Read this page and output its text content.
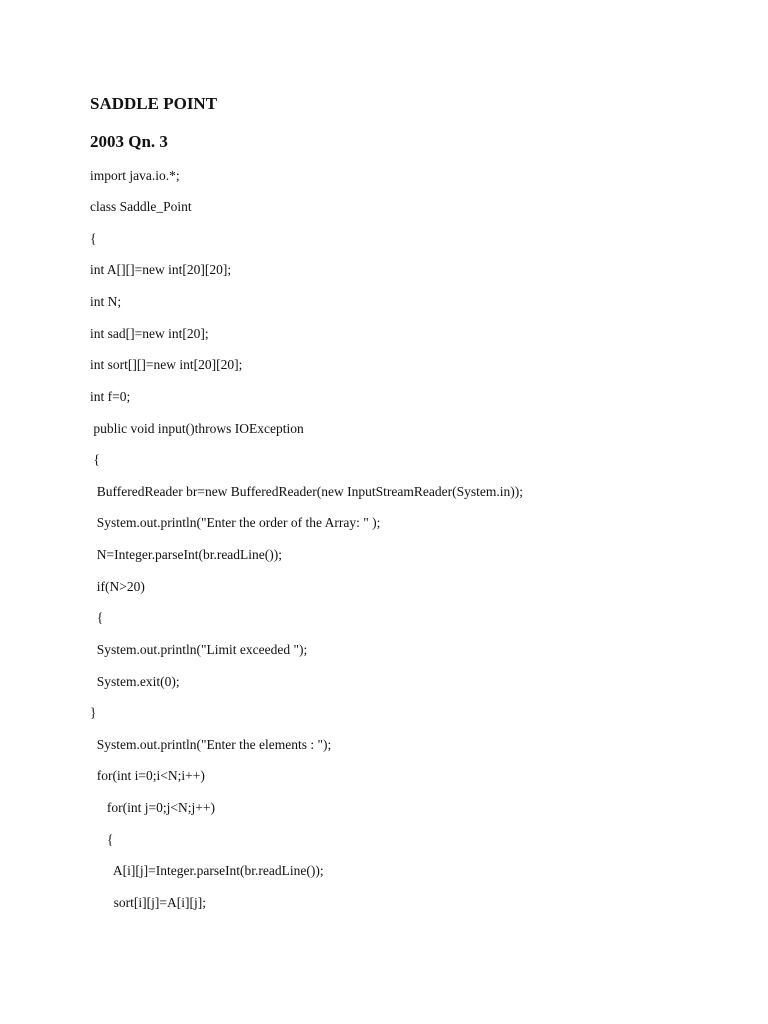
SADDLE POINT
2003 Qn. 3

import java.io.*;

class Saddle_Point

{

int A[][]=new int[20][20];

int N;

int sad[]=new int[20];

int sort[][]=new int[20][20];

int f=0;

public void input()throws IOException

{

BufferedReader br=new BufferedReader(new InputStreamReader(System.in));

System.out.println("Enter the order of the Array: " );

N=Integer.parseInt(br.readLine());

if(N>20)

{

System.out.println("Limit exceeded ");

System.exit(0);

}

System.out.println("Enter the elements : ");

for(int i=0;i<N;i++)

for(int j=0;j<N;j++)

{

A[i][j]=Integer.parseInt(br.readLine());

sort[i][j]=A[i][j];
